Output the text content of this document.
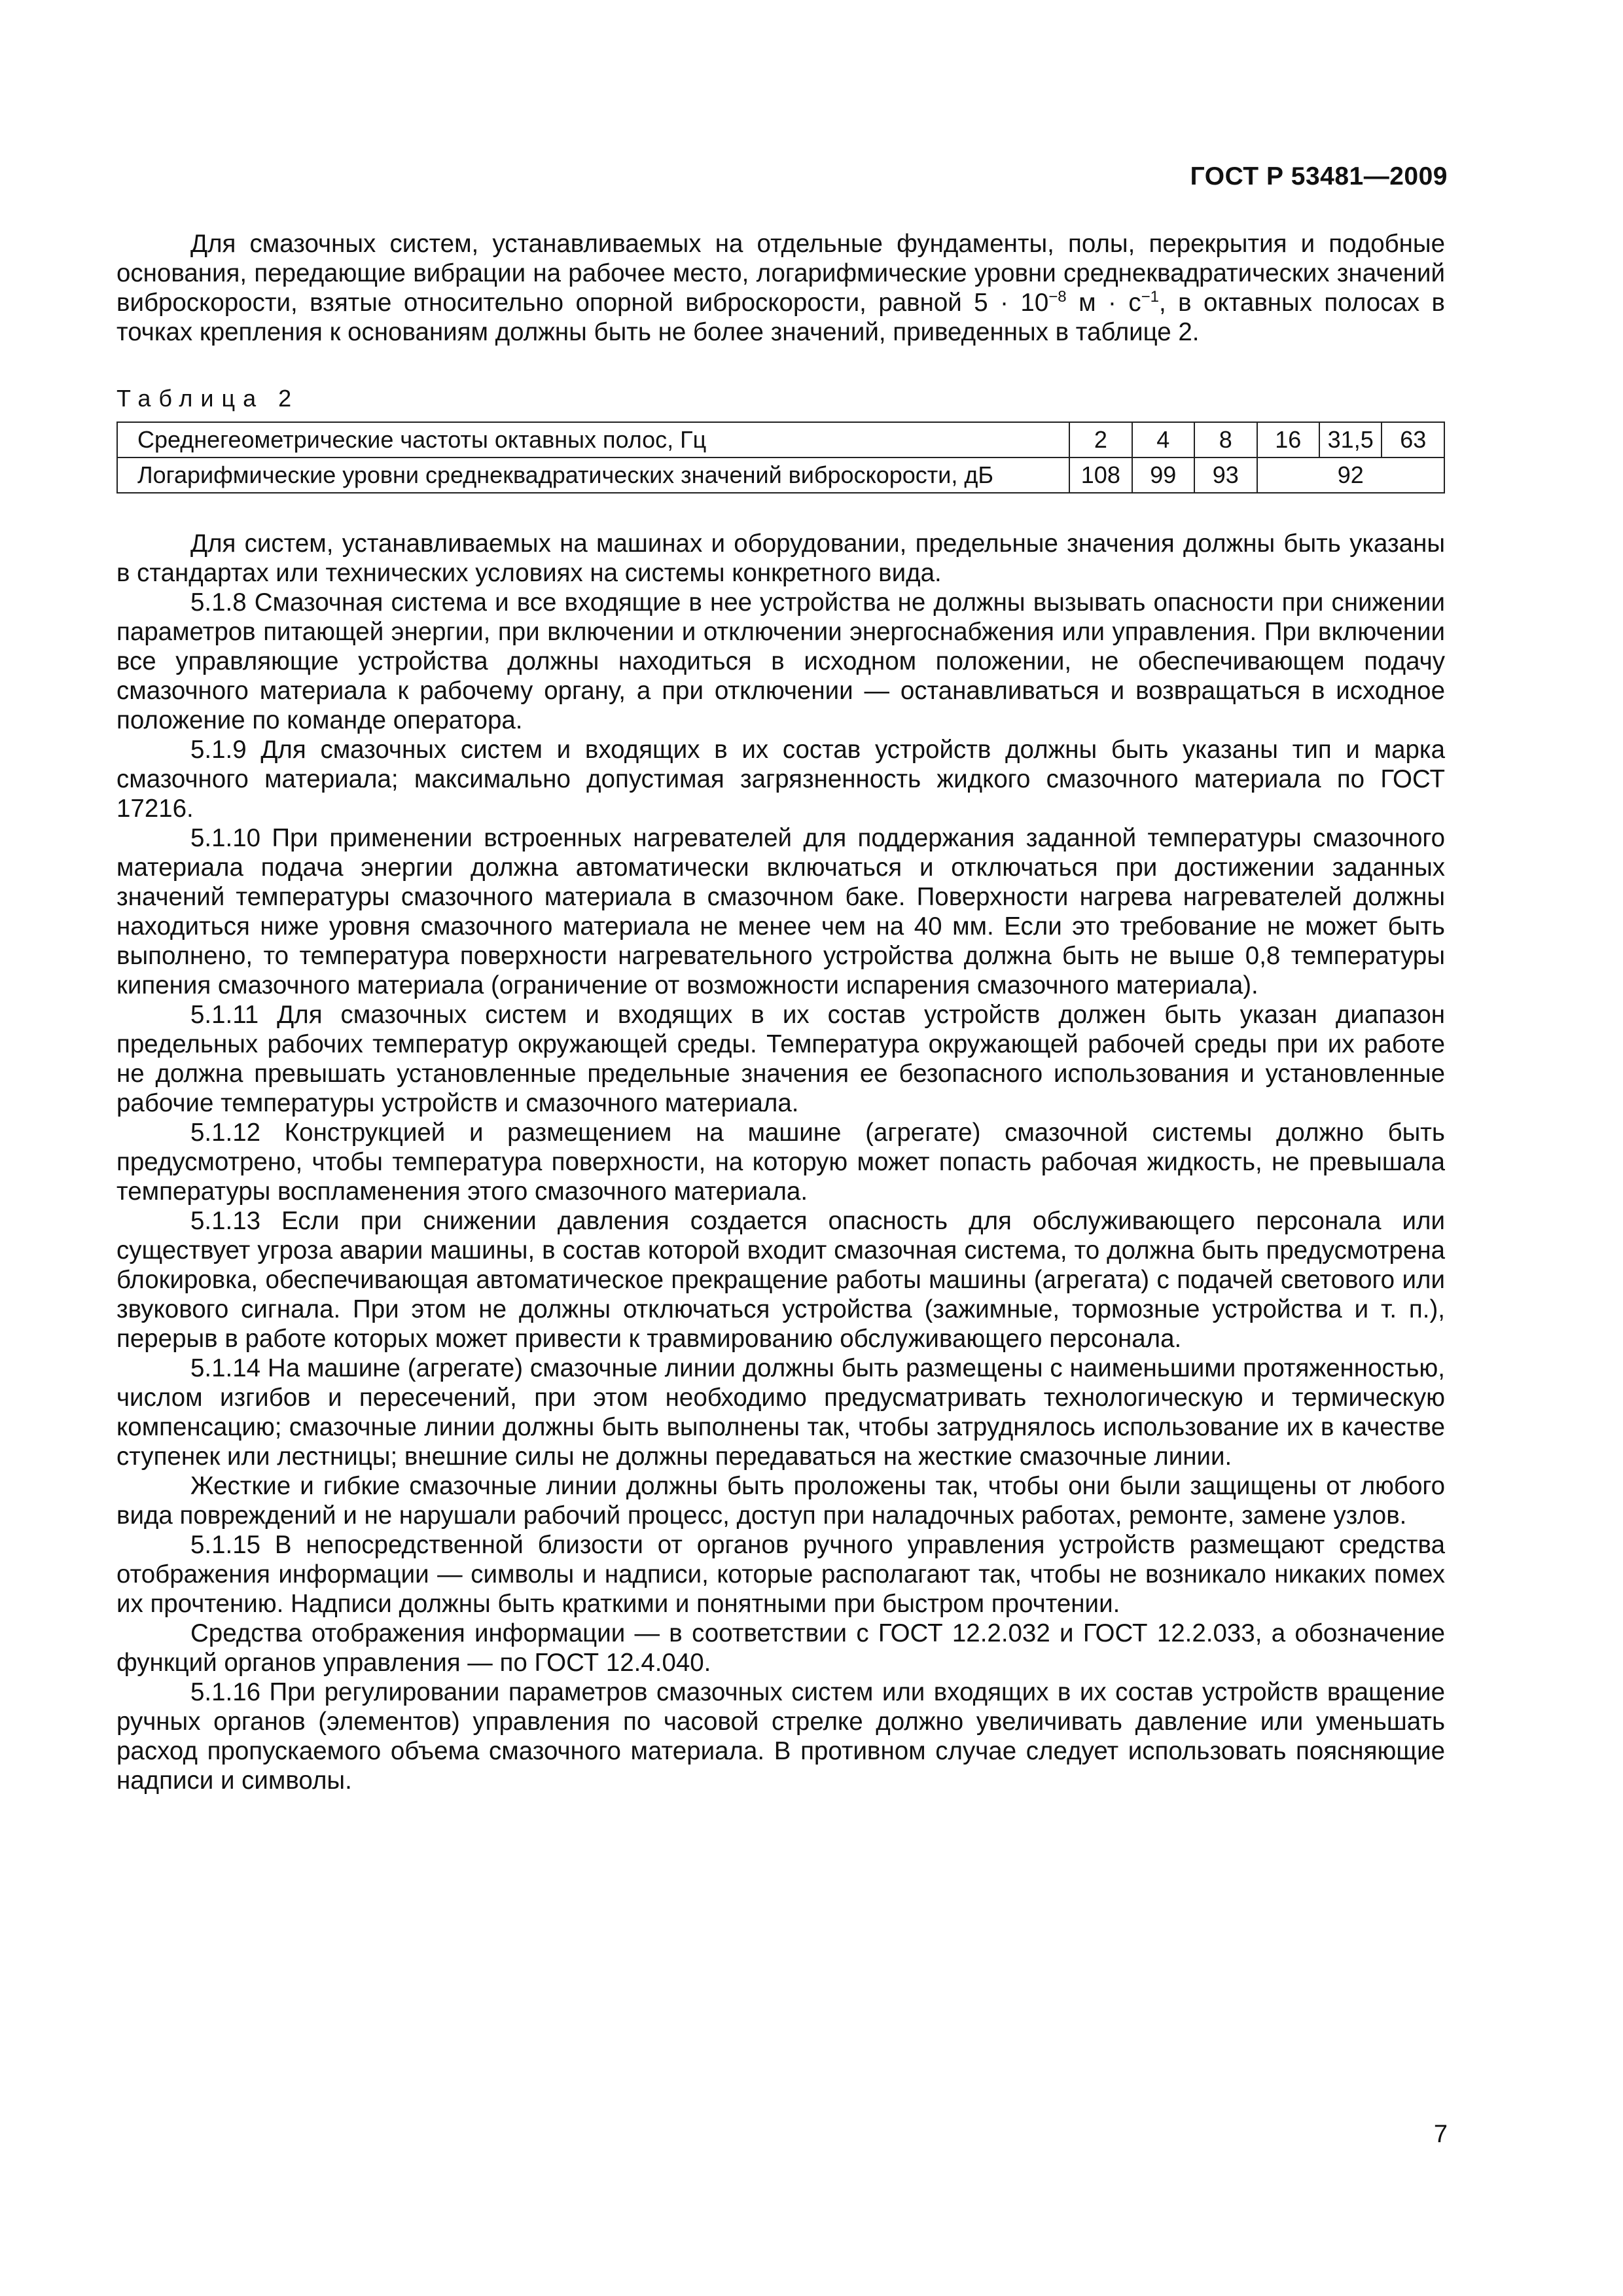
ГОСТ Р 53481—2009

Для смазочных систем, устанавливаемых на отдельные фундаменты, полы, перекрытия и подобные основания, передающие вибрации на рабочее место, логарифмические уровни среднеквадратических значений виброскорости, взятые относительно опорной виброскорости, равной $5 \cdot 10^{-8}$ $м \cdot с^{-1}$, в октавных полосах в точках крепления к основаниям должны быть не более значений, приведенных в таблице 2.

Таблица 2
Среднегеометрические частоты октавных полос, Гц	2	4	8	16	31,5	63
Логарифмические уровни среднеквадратических значений виброскорости, дБ	108	99	93	92		

Для систем, устанавливаемых на машинах и оборудовании, предельные значения должны быть указаны в стандартах или технических условиях на системы конкретного вида.

5.1.8 Смазочная система и все входящие в нее устройства не должны вызывать опасности при снижении параметров питающей энергии, при включении и отключении энергоснабжения или управления. При включении все управляющие устройства должны находиться в исходном положении, не обеспечивающем подачу смазочного материала к рабочему органу, а при отключении — останавливаться и возвращаться в исходное положение по команде оператора.

5.1.9 Для смазочных систем и входящих в их состав устройств должны быть указаны тип и марка смазочного материала; максимально допустимая загрязненность жидкого смазочного материала по ГОСТ 17216.

5.1.10 При применении встроенных нагревателей для поддержания заданной температуры смазочного материала подача энергии должна автоматически включаться и отключаться при достижении заданных значений температуры смазочного материала в смазочном баке. Поверхности нагрева нагревателей должны находиться ниже уровня смазочного материала не менее чем на 40 мм. Если это требование не может быть выполнено, то температура поверхности нагревательного устройства должна быть не выше 0,8 температуры кипения смазочного материала (ограничение от возможности испарения смазочного материала).

5.1.11 Для смазочных систем и входящих в их состав устройств должен быть указан диапазон предельных рабочих температур окружающей среды. Температура окружающей рабочей среды при их работе не должна превышать установленные предельные значения ее безопасного использования и установленные рабочие температуры устройств и смазочного материала.

5.1.12 Конструкцией и размещением на машине (агрегате) смазочной системы должно быть предусмотрено, чтобы температура поверхности, на которую может попасть рабочая жидкость, не превышала температуры воспламенения этого смазочного материала.

5.1.13 Если при снижении давления создается опасность для обслуживающего персонала или существует угроза аварии машины, в состав которой входит смазочная система, то должна быть предусмотрена блокировка, обеспечивающая автоматическое прекращение работы машины (агрегата) с подачей светового или звукового сигнала. При этом не должны отключаться устройства (зажимные, тормозные устройства и т. п.), перерыв в работе которых может привести к травмированию обслуживающего персонала.

5.1.14 На машине (агрегате) смазочные линии должны быть размещены с наименьшими протяженностью, числом изгибов и пересечений, при этом необходимо предусматривать технологическую и термическую компенсацию; смазочные линии должны быть выполнены так, чтобы затруднялось использование их в качестве ступенек или лестницы; внешние силы не должны передаваться на жесткие смазочные линии.

Жесткие и гибкие смазочные линии должны быть проложены так, чтобы они были защищены от любого вида повреждений и не нарушали рабочий процесс, доступ при наладочных работах, ремонте, замене узлов.

5.1.15 В непосредственной близости от органов ручного управления устройств размещают средства отображения информации — символы и надписи, которые располагают так, чтобы не возникало никаких помех их прочтению. Надписи должны быть краткими и понятными при быстром прочтении.

Средства отображения информации — в соответствии с ГОСТ 12.2.032 и ГОСТ 12.2.033, а обозначение функций органов управления — по ГОСТ 12.4.040.

5.1.16 При регулировании параметров смазочных систем или входящих в их состав устройств вращение ручных органов (элементов) управления по часовой стрелке должно увеличивать давление или уменьшать расход пропускаемого объема смазочного материала. В противном случае следует использовать поясняющие надписи и символы.

7
